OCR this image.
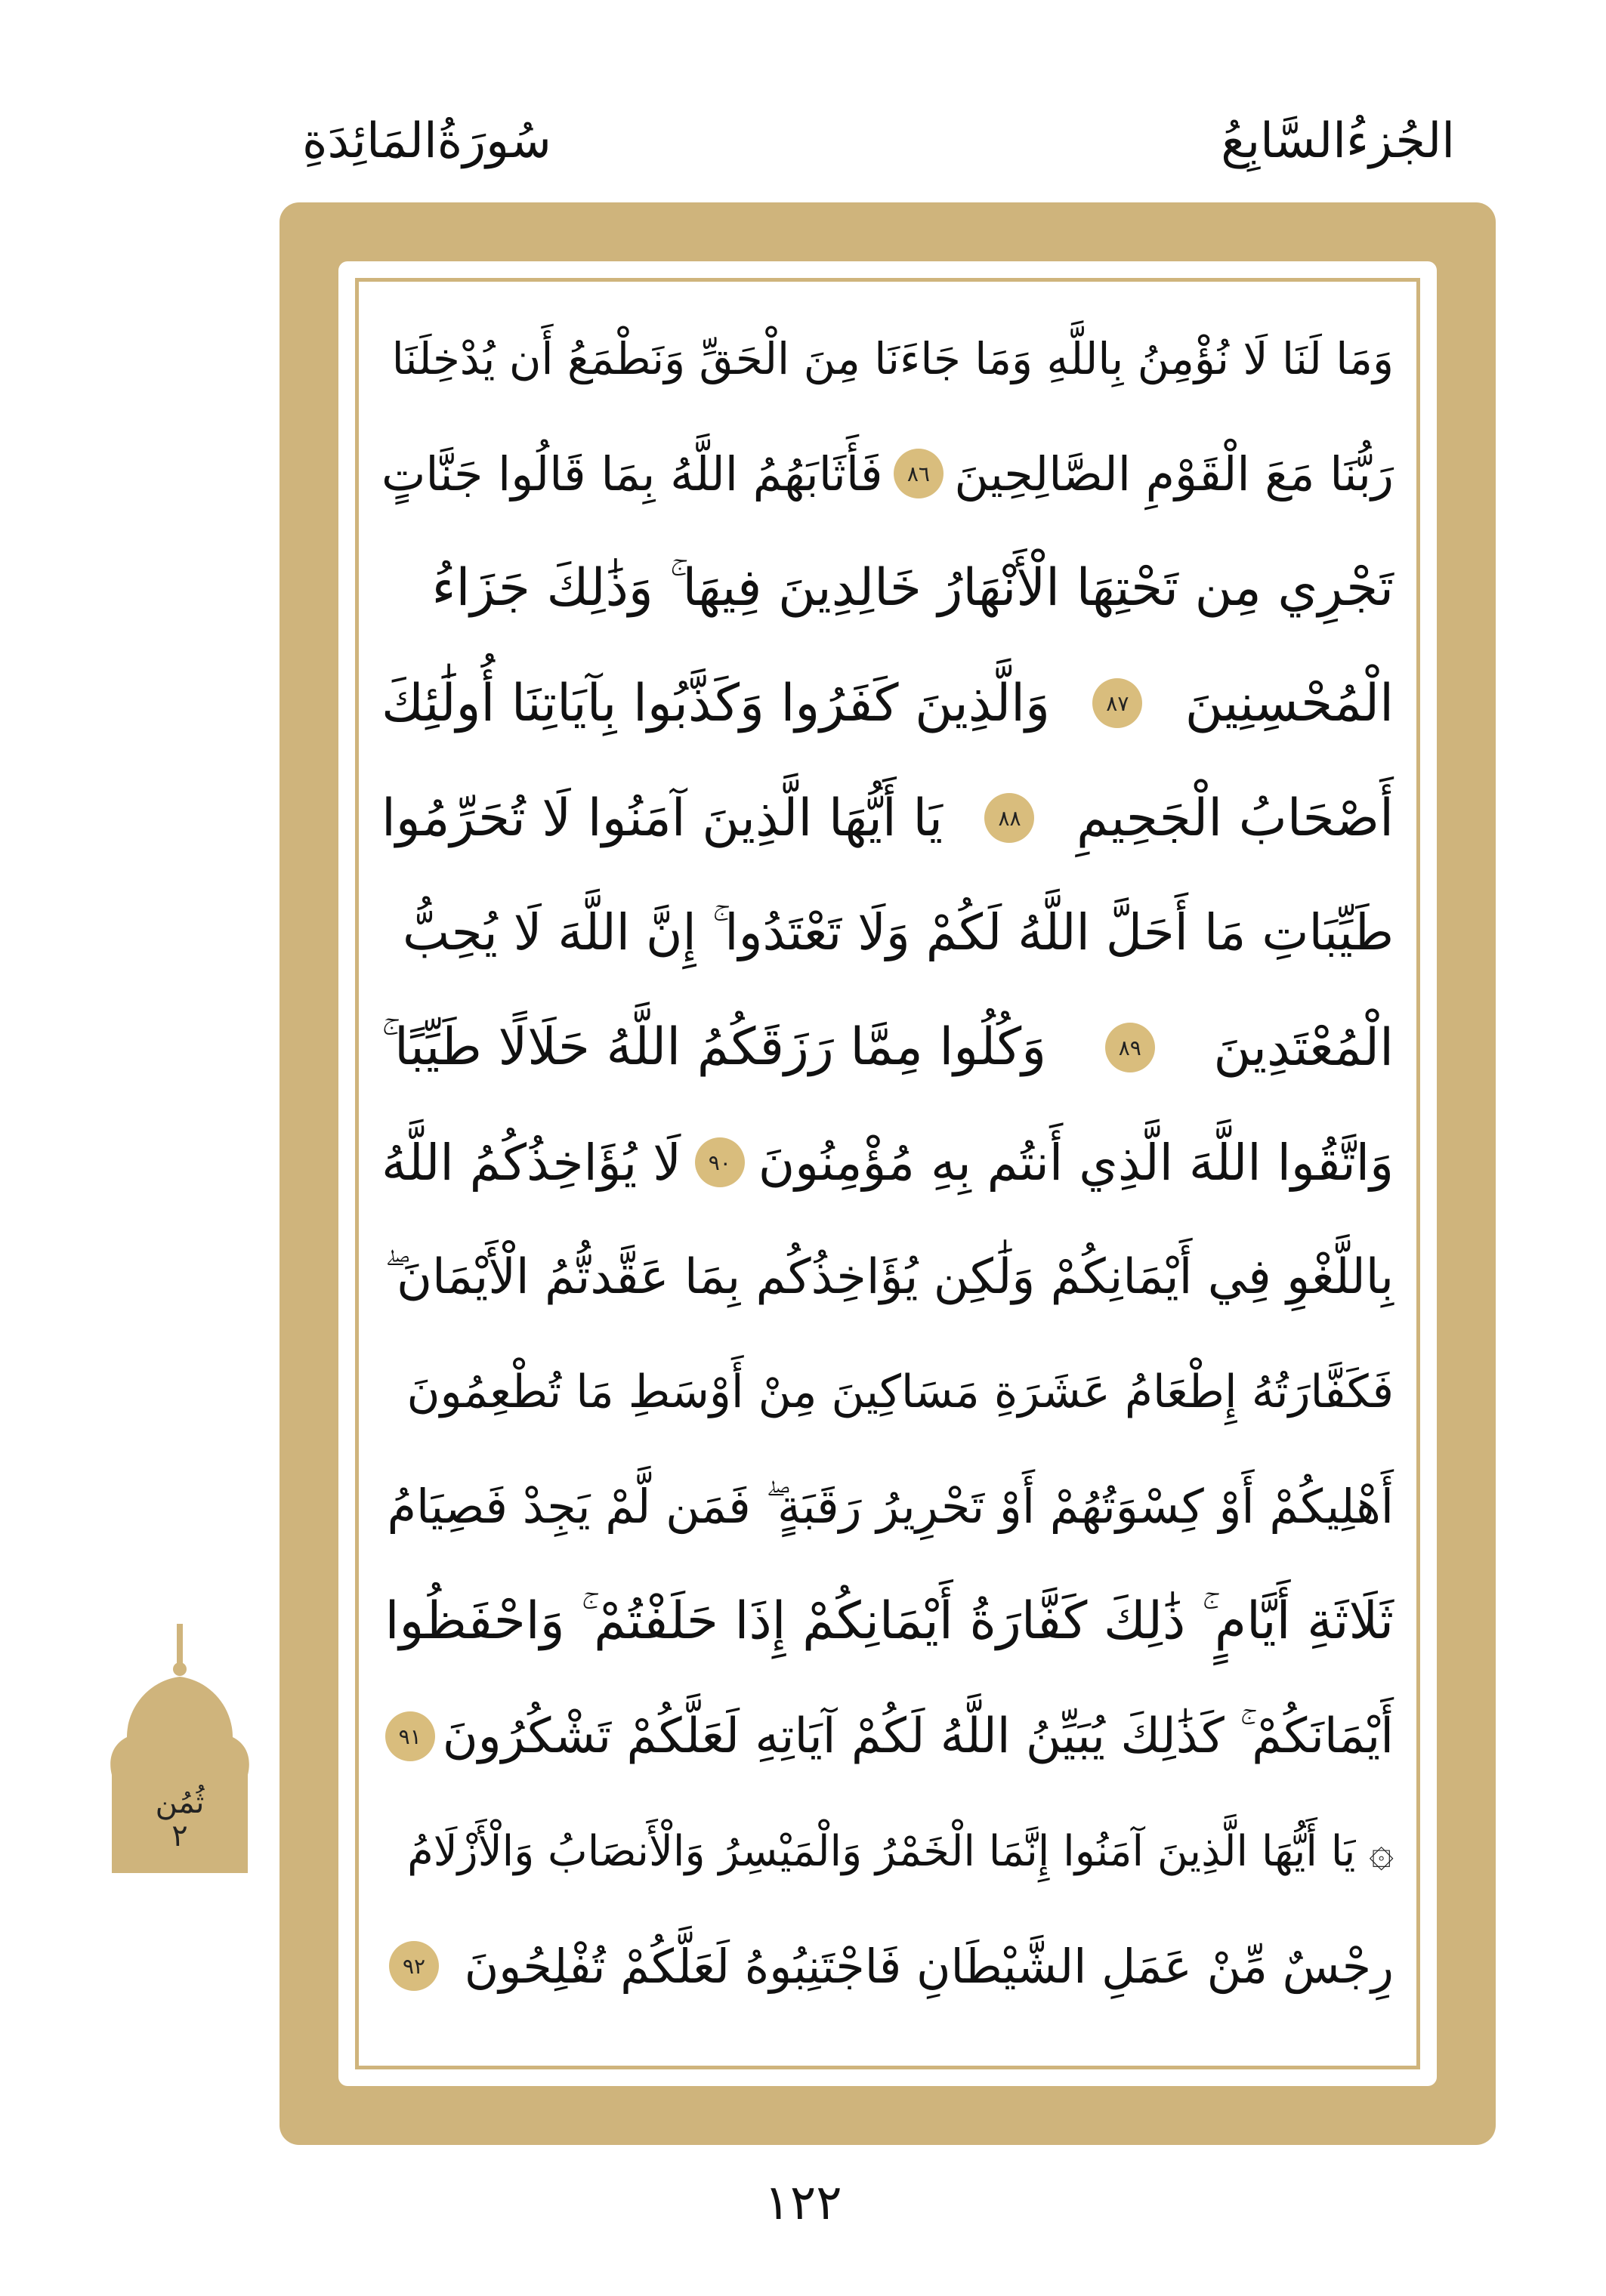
الجُزءُالسَّابِعُ
سُورَةُالمَائِدَةِ
وَمَا لَنَا لَا نُؤْمِنُ بِاللَّهِ وَمَا جَاءَنَا مِنَ الْحَقِّ وَنَطْمَعُ أَن يُدْخِلَنَا
رَبُّنَا مَعَ الْقَوْمِ الصَّالِحِينَ
٨٦
فَأَثَابَهُمُ اللَّهُ بِمَا قَالُوا جَنَّاتٍ
تَجْرِي مِن تَحْتِهَا الْأَنْهَارُ خَالِدِينَ فِيهَا ۚ وَذَٰلِكَ جَزَاءُ
الْمُحْسِنِينَ
٨٧
وَالَّذِينَ كَفَرُوا وَكَذَّبُوا بِآيَاتِنَا أُولَٰئِكَ
أَصْحَابُ الْجَحِيمِ
٨٨
يَا أَيُّهَا الَّذِينَ آمَنُوا لَا تُحَرِّمُوا
طَيِّبَاتِ مَا أَحَلَّ اللَّهُ لَكُمْ وَلَا تَعْتَدُوا ۚ إِنَّ اللَّهَ لَا يُحِبُّ
الْمُعْتَدِينَ
٨٩
وَكُلُوا مِمَّا رَزَقَكُمُ اللَّهُ حَلَالًا طَيِّبًا ۚ
وَاتَّقُوا اللَّهَ الَّذِي أَنتُم بِهِ مُؤْمِنُونَ
٩٠
لَا يُؤَاخِذُكُمُ اللَّهُ
بِاللَّغْوِ فِي أَيْمَانِكُمْ وَلَٰكِن يُؤَاخِذُكُم بِمَا عَقَّدتُّمُ الْأَيْمَانَ ۖ
فَكَفَّارَتُهُ إِطْعَامُ عَشَرَةِ مَسَاكِينَ مِنْ أَوْسَطِ مَا تُطْعِمُونَ
أَهْلِيكُمْ أَوْ كِسْوَتُهُمْ أَوْ تَحْرِيرُ رَقَبَةٍ ۖ فَمَن لَّمْ يَجِدْ فَصِيَامُ
ثَلَاثَةِ أَيَّامٍ ۚ ذَٰلِكَ كَفَّارَةُ أَيْمَانِكُمْ إِذَا حَلَفْتُمْ ۚ وَاحْفَظُوا
أَيْمَانَكُمْ ۚ كَذَٰلِكَ يُبَيِّنُ اللَّهُ لَكُمْ آيَاتِهِ لَعَلَّكُمْ تَشْكُرُونَ
٩١
۞ يَا أَيُّهَا الَّذِينَ آمَنُوا إِنَّمَا الْخَمْرُ وَالْمَيْسِرُ وَالْأَنصَابُ وَالْأَزْلَامُ
رِجْسٌ مِّنْ عَمَلِ الشَّيْطَانِ فَاجْتَنِبُوهُ لَعَلَّكُمْ تُفْلِحُونَ
٩٢
ثُمُن
٢
١٢٢
